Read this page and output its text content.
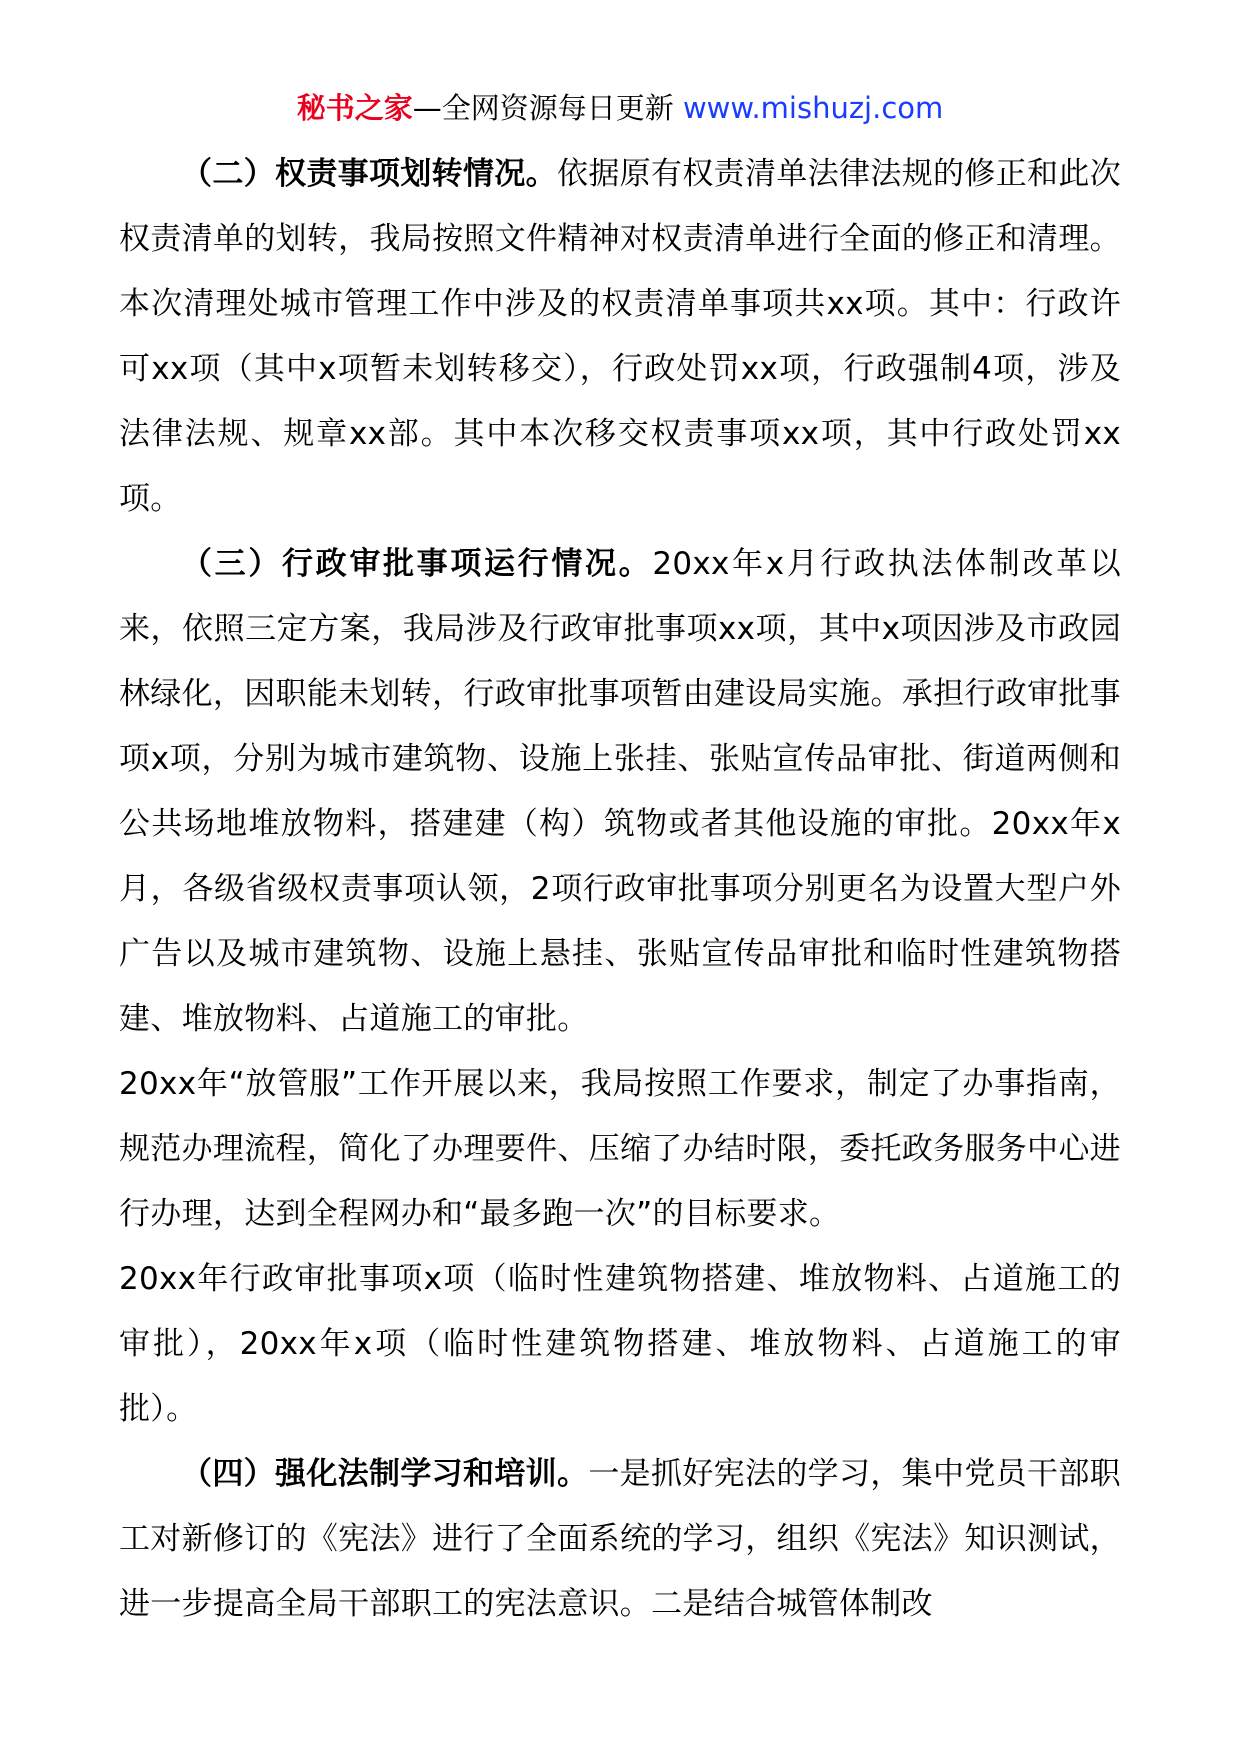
秘书之家—全网资源每日更新 www.mishuzj.com

（二）权责事项划转情况。依据原有权责清单法律法规的修正和此次权责清单的划转，我局按照文件精神对权责清单进行全面的修正和清理。本次清理处城市管理工作中涉及的权责清单事项共xx项。其中：行政许可xx项（其中x项暂未划转移交），行政处罚xx项，行政强制4项，涉及法律法规、规章xx部。其中本次移交权责事项xx项，其中行政处罚xx项。

（三）行政审批事项运行情况。20xx年x月行政执法体制改革以来，依照三定方案，我局涉及行政审批事项xx项，其中x项因涉及市政园林绿化，因职能未划转，行政审批事项暂由建设局实施。承担行政审批事项x项，分别为城市建筑物、设施上张挂、张贴宣传品审批、街道两侧和公共场地堆放物料，搭建建（构）筑物或者其他设施的审批。20xx年x月，各级省级权责事项认领，2项行政审批事项分别更名为设置大型户外广告以及城市建筑物、设施上悬挂、张贴宣传品审批和临时性建筑物搭建、堆放物料、占道施工的审批。

20xx年“放管服”工作开展以来，我局按照工作要求，制定了办事指南，规范办理流程，简化了办理要件、压缩了办结时限，委托政务服务中心进行办理，达到全程网办和“最多跑一次”的目标要求。

20xx年行政审批事项x项（临时性建筑物搭建、堆放物料、占道施工的审批），20xx年x项（临时性建筑物搭建、堆放物料、占道施工的审批）。

（四）强化法制学习和培训。一是抓好宪法的学习，集中党员干部职工对新修订的《宪法》进行了全面系统的学习，组织《宪法》知识测试，进一步提高全局干部职工的宪法意识。二是结合城管体制改
